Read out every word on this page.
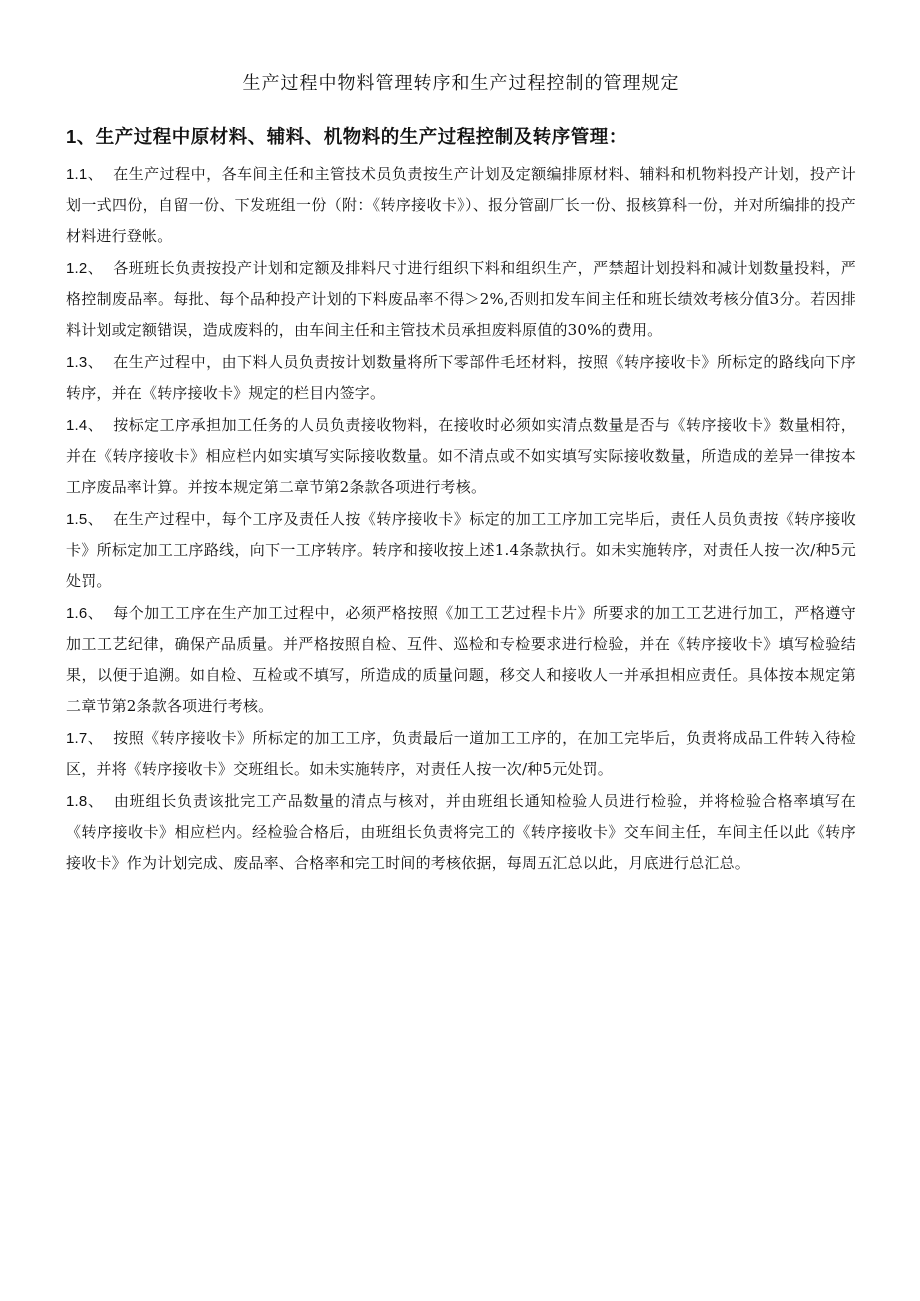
生产过程中物料管理转序和生产过程控制的管理规定
1、生产过程中原材料、辅料、机物料的生产过程控制及转序管理：

1.1、 在生产过程中，各车间主任和主管技术员负责按生产计划及定额编排原材料、辅料和机物料投产计划，投产计划一式四份，自留一份、下发班组一份（附：《转序接收卡》）、报分管副厂长一份、报核算科一份，并对所编排的投产材料进行登帐。

1.2、 各班班长负责按投产计划和定额及排料尺寸进行组织下料和组织生产，严禁超计划投料和减计划数量投料，严格控制废品率。每批、每个品种投产计划的下料废品率不得＞2%,否则扣发车间主任和班长绩效考核分值3分。若因排料计划或定额错误，造成废料的，由车间主任和主管技术员承担废料原值的30%的费用。

1.3、 在生产过程中，由下料人员负责按计划数量将所下零部件毛坯材料，按照《转序接收卡》所标定的路线向下序转序，并在《转序接收卡》规定的栏目内签字。

1.4、 按标定工序承担加工任务的人员负责接收物料，在接收时必须如实清点数量是否与《转序接收卡》数量相符，并在《转序接收卡》相应栏内如实填写实际接收数量。如不清点或不如实填写实际接收数量，所造成的差异一律按本工序废品率计算。并按本规定第二章节第2条款各项进行考核。

1.5、 在生产过程中，每个工序及责任人按《转序接收卡》标定的加工工序加工完毕后，责任人员负责按《转序接收卡》所标定加工工序路线，向下一工序转序。转序和接收按上述1.4条款执行。如未实施转序，对责任人按一次/种5元处罚。

1.6、 每个加工工序在生产加工过程中，必须严格按照《加工工艺过程卡片》所要求的加工工艺进行加工，严格遵守加工工艺纪律，确保产品质量。并严格按照自检、互件、巡检和专检要求进行检验，并在《转序接收卡》填写检验结果，以便于追溯。如自检、互检或不填写，所造成的质量问题，移交人和接收人一并承担相应责任。具体按本规定第二章节第2条款各项进行考核。

1.7、 按照《转序接收卡》所标定的加工工序，负责最后一道加工工序的，在加工完毕后，负责将成品工件转入待检区，并将《转序接收卡》交班组长。如未实施转序，对责任人按一次/种5元处罚。

1.8、 由班组长负责该批完工产品数量的清点与核对，并由班组长通知检验人员进行检验，并将检验合格率填写在《转序接收卡》相应栏内。经检验合格后，由班组长负责将完工的《转序接收卡》交车间主任，车间主任以此《转序接收卡》作为计划完成、废品率、合格率和完工时间的考核依据，每周五汇总以此，月底进行总汇总。
